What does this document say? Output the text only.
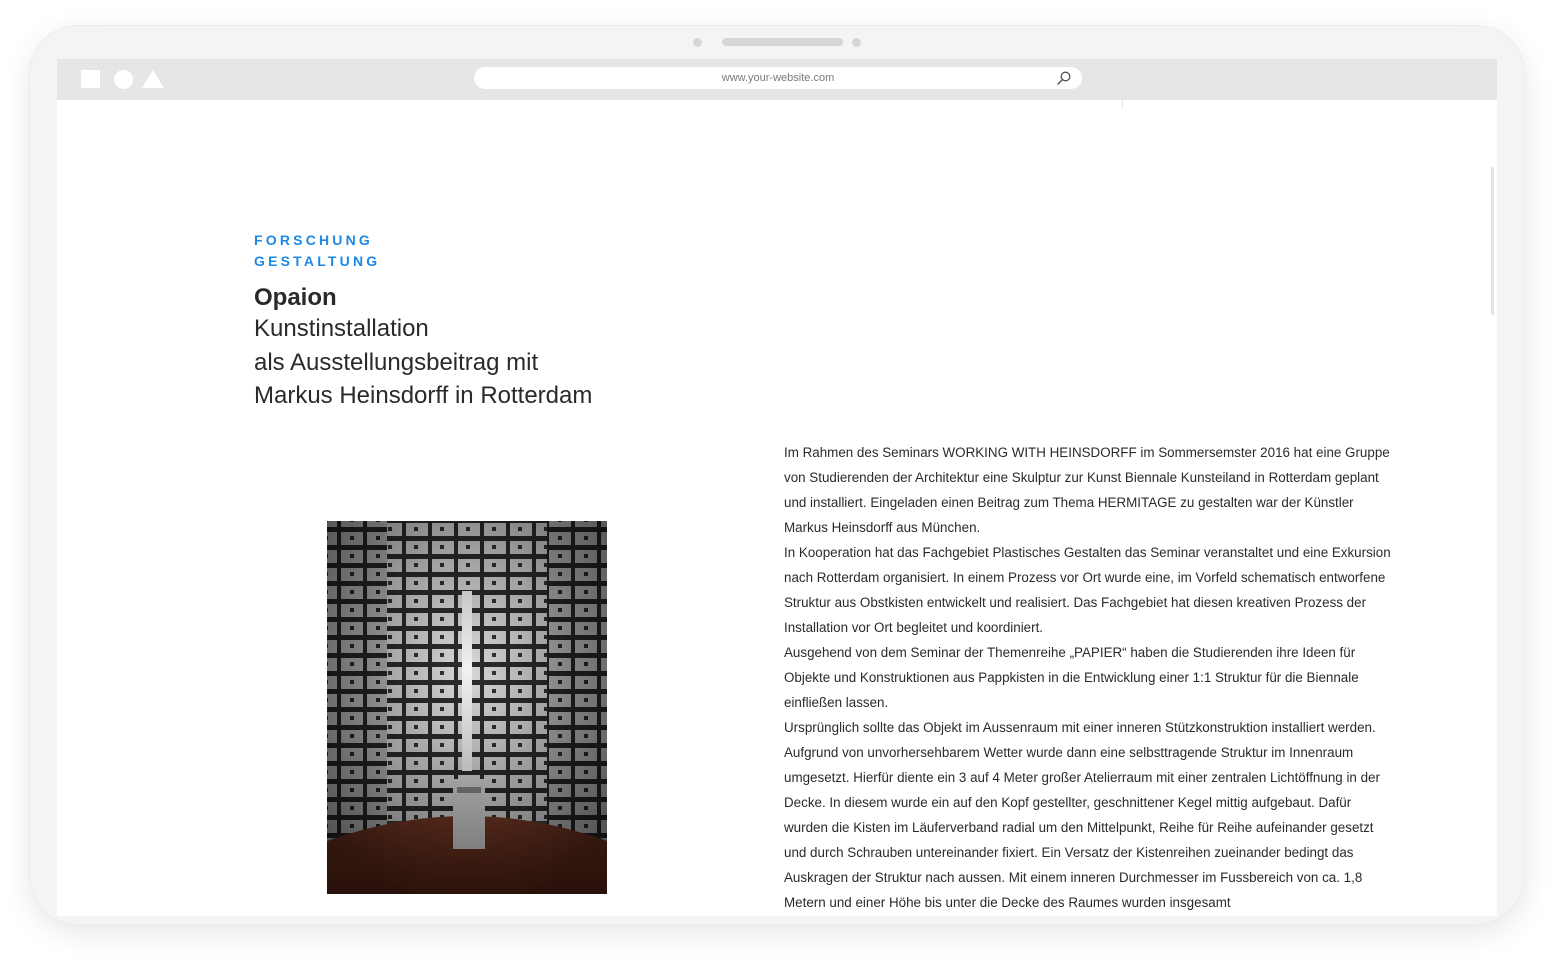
www.your-website.com
FORSCHUNG
GESTALTUNG
Opaion
Kunstinstallation
als Ausstellungsbeitrag mit
Markus Heinsdorff in Rotterdam

Im Rahmen des Seminars WORKING WITH HEINSDORFF im Sommersemster 2016 hat eine Gruppe von Studierenden der Architektur eine Skulptur zur Kunst Biennale Kunsteiland in Rotterdam geplant und installiert. Eingeladen einen Beitrag zum Thema HERMITAGE zu gestalten war der Künstler Markus Heinsdorff aus München.

In Kooperation hat das Fachgebiet Plastisches Gestalten das Seminar veranstaltet und eine Exkursion nach Rotterdam organisiert. In einem Prozess vor Ort wurde eine, im Vorfeld schematisch entworfene Struktur aus Obstkisten entwickelt und realisiert. Das Fachgebiet hat diesen kreativen Prozess der Installation vor Ort begleitet und koordiniert.

Ausgehend von dem Seminar der Themenreihe „PAPIER“ haben die Studierenden ihre Ideen für Objekte und Konstruktionen aus Pappkisten in die Entwicklung einer 1:1 Struktur für die Biennale einfließen lassen.

Ursprünglich sollte das Objekt im Aussenraum mit einer inneren Stützkonstruktion installiert werden. Aufgrund von unvorhersehbarem Wetter wurde dann eine selbsttragende Struktur im Innenraum umgesetzt. Hierfür diente ein 3 auf 4 Meter großer Atelierraum mit einer zentralen Lichtöffnung in der Decke. In diesem wurde ein auf den Kopf gestellter, geschnittener Kegel mittig aufgebaut. Dafür wurden die Kisten im Läuferverband radial um den Mittelpunkt, Reihe für Reihe aufeinander gesetzt und durch Schrauben untereinander fixiert. Ein Versatz der Kistenreihen zueinander bedingt das Auskragen der Struktur nach aussen. Mit einem inneren Durchmesser im Fussbereich von ca. 1,8 Metern und einer Höhe bis unter die Decke des Raumes wurden insgesamt
